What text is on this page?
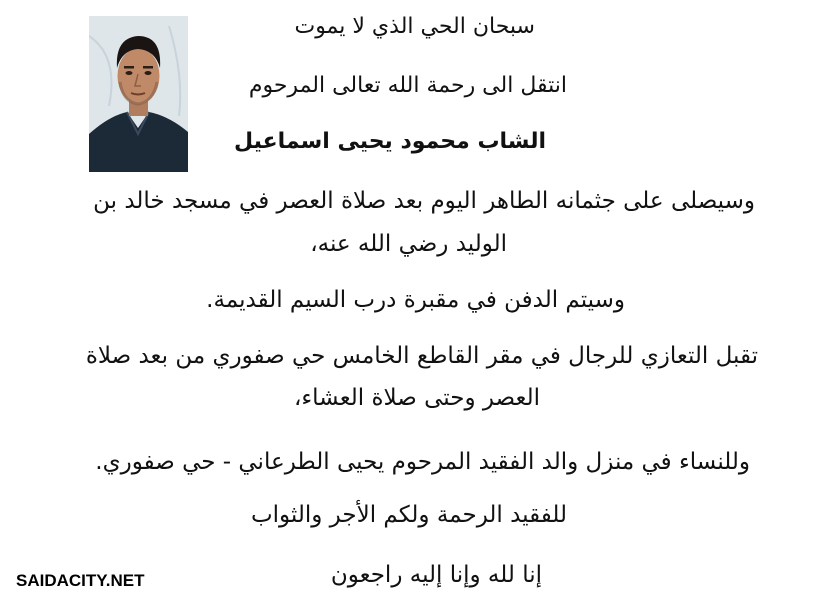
سبحان الحي الذي لا يموت
انتقل الى رحمة الله تعالى المرحوم
الشاب محمود يحيى اسماعيل
وسيصلى على جثمانه الطاهر اليوم بعد صلاة العصر في مسجد خالد بن
الوليد رضي الله عنه،
وسيتم الدفن في مقبرة درب السيم القديمة.
تقبل التعازي للرجال في مقر القاطع الخامس حي صفوري من بعد صلاة
العصر وحتى صلاة العشاء،
وللنساء في منزل والد الفقيد المرحوم يحيى الطرعاني - حي صفوري.
للفقيد الرحمة ولكم الأجر والثواب
إنا لله وإنا إليه راجعون
SAIDACITY.NET
